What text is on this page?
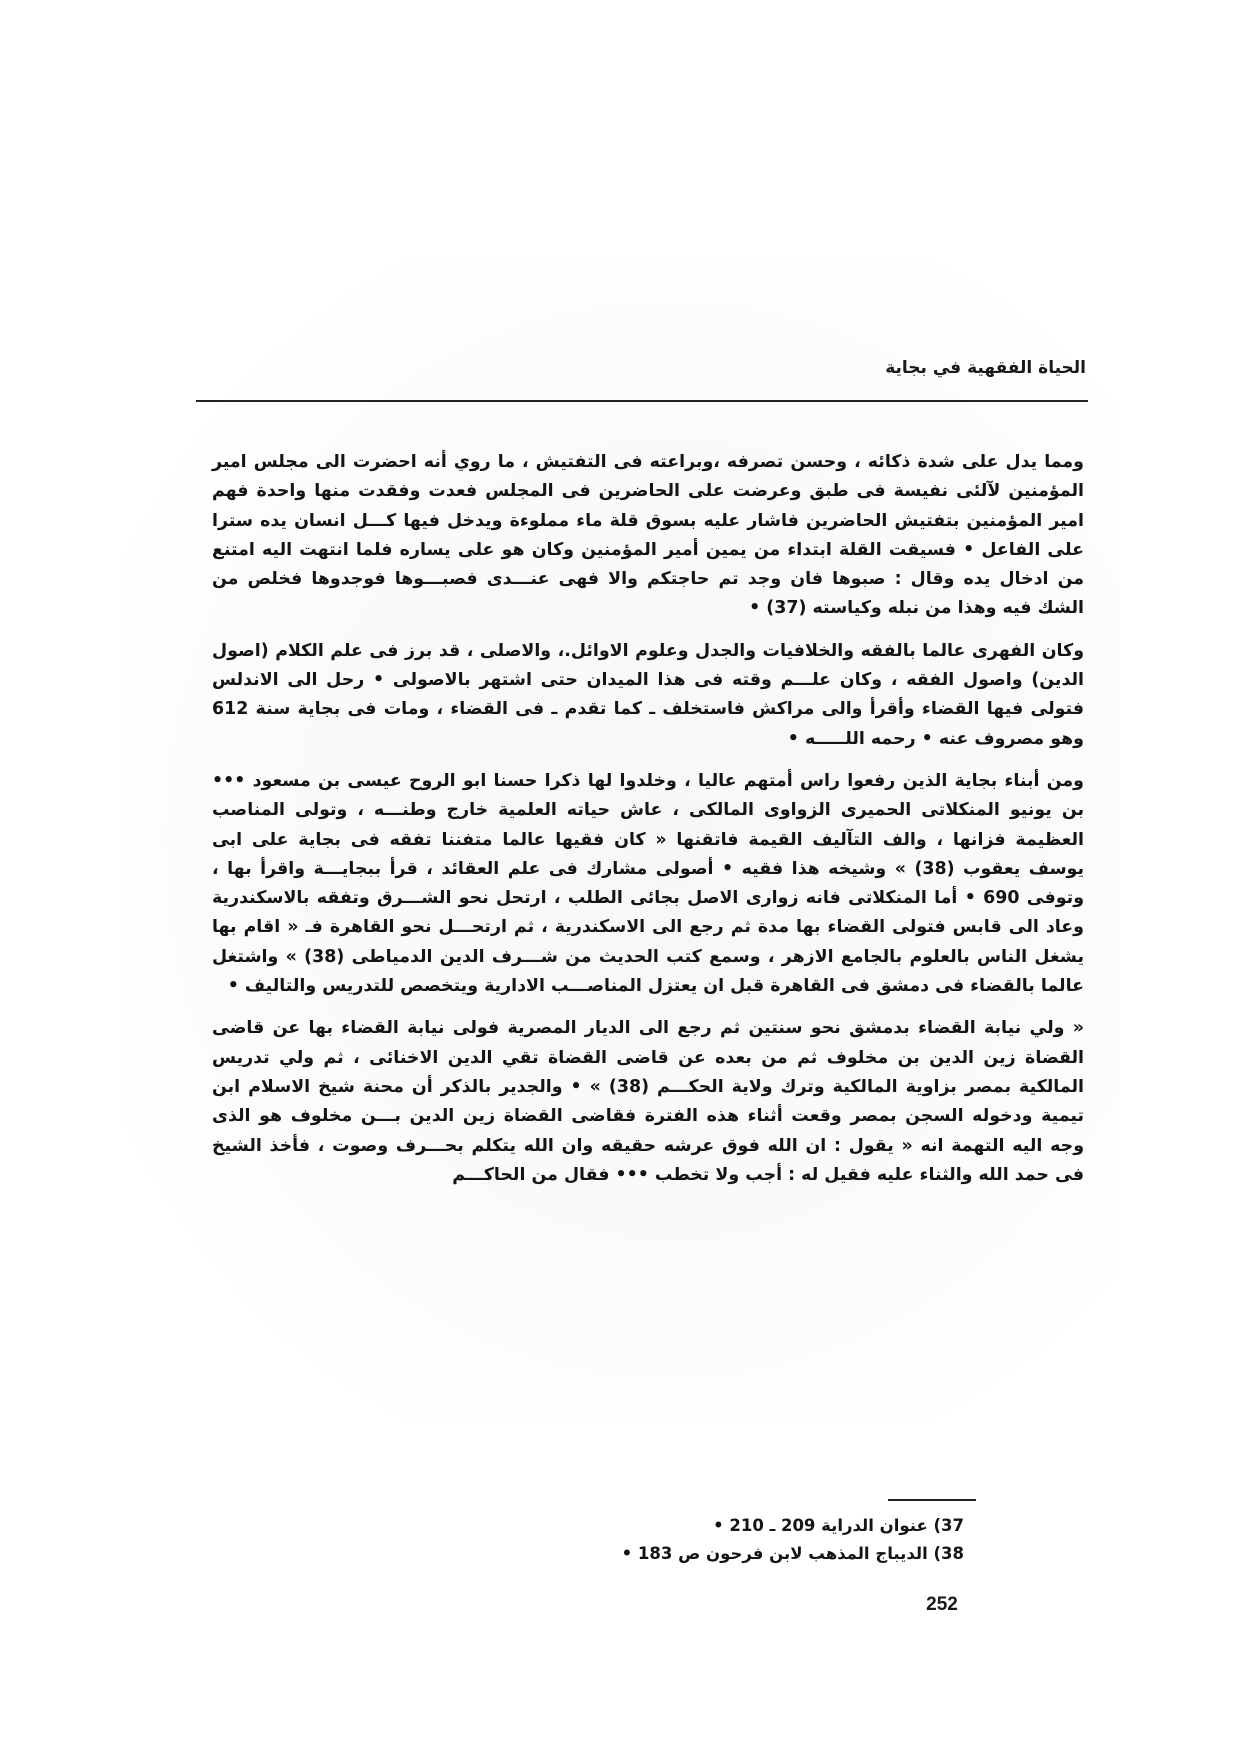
الحياة الفقهية في بجاية

ومما يدل على شدة ذكائه ، وحسن تصرفه ،وبراعته فى التفتيش ، ما روي أنه احضرت الى مجلس امير المؤمنين لآلئى نفيسة فى طبق وعرضت على الحاضرين فى المجلس فعدت وفقدت منها واحدة فهم امير المؤمنين بتفتيش الحاضرين فاشار عليه بسوق قلة ماء مملوءة ويدخل فيها كـــل انسان يده سترا على الفاعل • فسيقت القلة ابتداء من يمين أمير المؤمنين وكان هو على يساره فلما انتهت اليه امتنع من ادخال يده وقال : صبوها فان وجد تم حاجتكم والا فهى عنـــدى فصبـــوها فوجدوها فخلص من الشك فيه وهذا من نبله وكياسته (37) •

وكان الفهرى عالما بالفقه والخلافيات والجدل وعلوم الاوائل.، والاصلى ، قد برز فى علم الكلام (اصول الدين) واصول الفقه ، وكان علـــم وقته فى هذا الميدان حتى اشتهر بالاصولى • رحل الى الاندلس فتولى فيها القضاء وأقرأ والى مراكش فاستخلف ـ كما تقدم ـ فى القضاء ، ومات فى بجاية سنة 612 وهو مصروف عنه • رحمه اللـــــه •

ومن أبناء بجاية الذين رفعوا راس أمتهم عاليا ، وخلدوا لها ذكرا حسنا ابو الروح عيسى بن مسعود ••• بن يونيو المنكلاتى الحميرى الزواوى المالكى ، عاش حياته العلمية خارج وطنـــه ، وتولى المناصب العظيمة فزانها ، والف التآليف القيمة فاتقنها « كان فقيها عالما متفننا تفقه فى بجاية على ابى يوسف يعقوب (38) » وشيخه هذا فقيه • أصولى مشارك فى علم العقائد ، قرأ ببجايـــة واقرأ بها ، وتوفى 690 • أما المنكلاتى فانه زوارى الاصل بجائى الطلب ، ارتحل نحو الشـــرق وتفقه بالاسكندرية وعاد الى قابس فتولى القضاء بها مدة ثم رجع الى الاسكندرية ، ثم ارتحـــل نحو القاهرة فـ « اقام بها يشغل الناس بالعلوم بالجامع الازهر ، وسمع كتب الحديث من شـــرف الدين الدمياطى (38) » واشتغل عالما بالقضاء فى دمشق فى القاهرة قبل ان يعتزل المناصـــب الادارية ويتخصص للتدريس والتاليف •

« ولي نيابة القضاء بدمشق نحو سنتين ثم رجع الى الديار المصرية فولى نيابة القضاء بها عن قاضى القضاة زين الدين بن مخلوف ثم من بعده عن قاضى القضاة تقي الدين الاخنائى ، ثم ولي تدريس المالكية بمصر بزاوية المالكية وترك ولاية الحكـــم (38) » • والجدير بالذكر أن محنة شيخ الاسلام ابن تيمية ودخوله السجن بمصر وقعت أثناء هذه الفترة فقاضى القضاة زين الدين بـــن مخلوف هو الذى وجه اليه التهمة انه « يقول : ان الله فوق عرشه حقيقه وان الله يتكلم بحـــرف وصوت ، فأخذ الشيخ فى حمد الله والثناء عليه فقيل له : أجب ولا تخطب ••• فقال من الحاكـــم

37) عنوان الدراية 209 ـ 210 •
38) الديباج المذهب لابن فرحون ص 183 •
252
